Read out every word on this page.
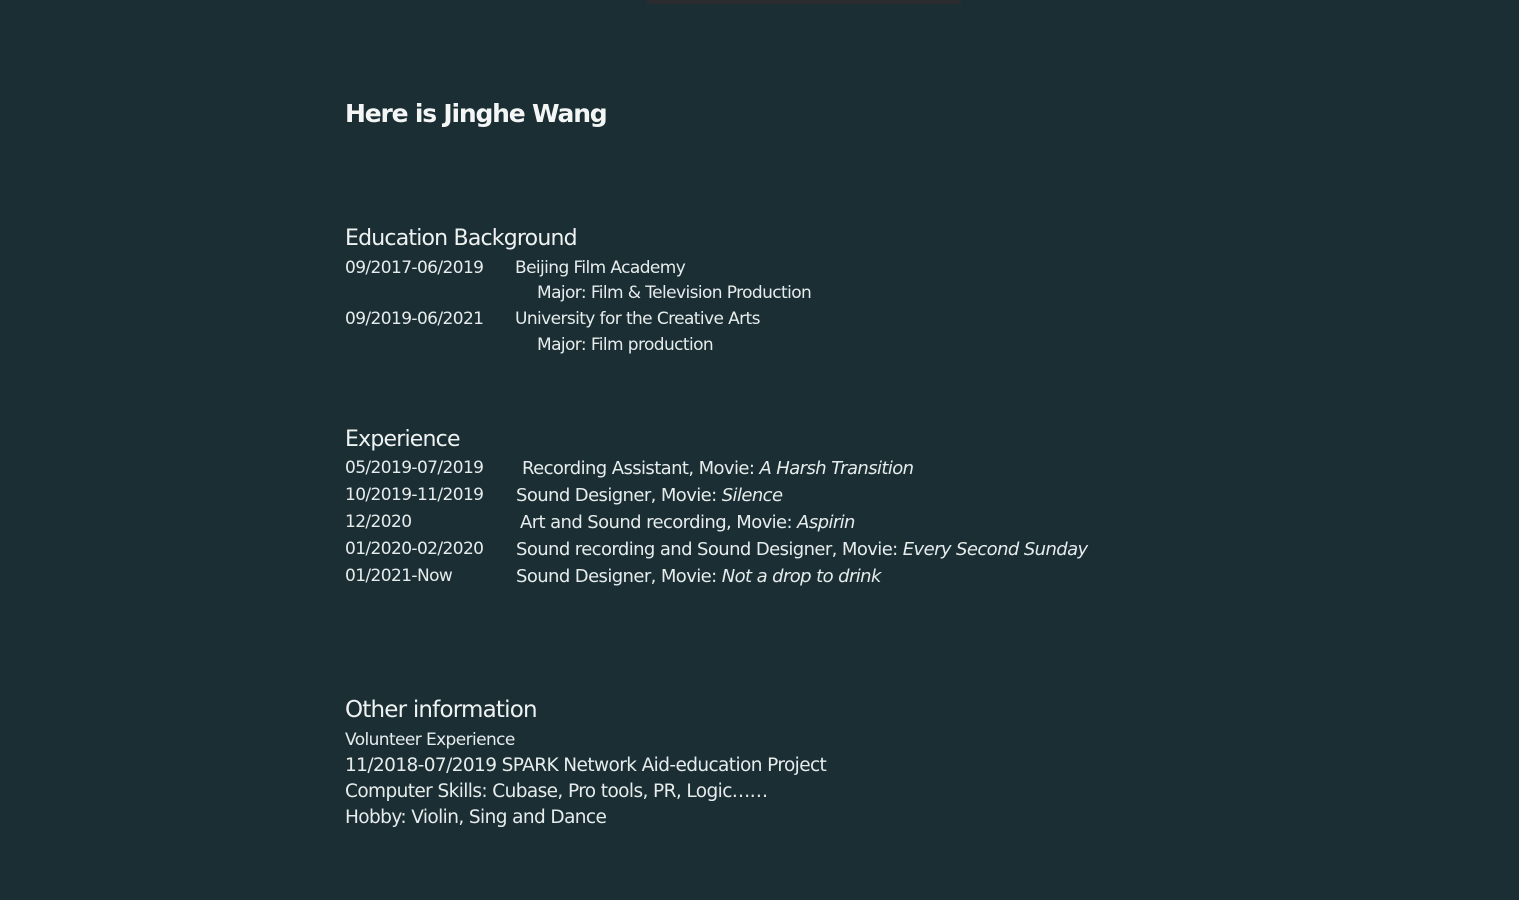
Here is Jinghe Wang
Education Background
09/2017-06/2019 Beijing Film Academy
Major: Film & Television Production
09/2019-06/2021 University for the Creative Arts
Major: Film production
Experience
05/2019-07/2019 Recording Assistant, Movie: A Harsh Transition
10/2019-11/2019 Sound Designer, Movie: Silence
12/2020	Art and Sound recording, Movie: Aspirin
01/2020-02/2020 Sound recording and Sound Designer, Movie: Every Second Sunday
01/2021-Now	Sound Designer, Movie: Not a drop to drink
Other information
Volunteer Experience
11/2018-07/2019 SPARK Network Aid-education Project
Computer Skills: Cubase, Pro tools, PR, Logic……
Hobby: Violin, Sing and Dance
